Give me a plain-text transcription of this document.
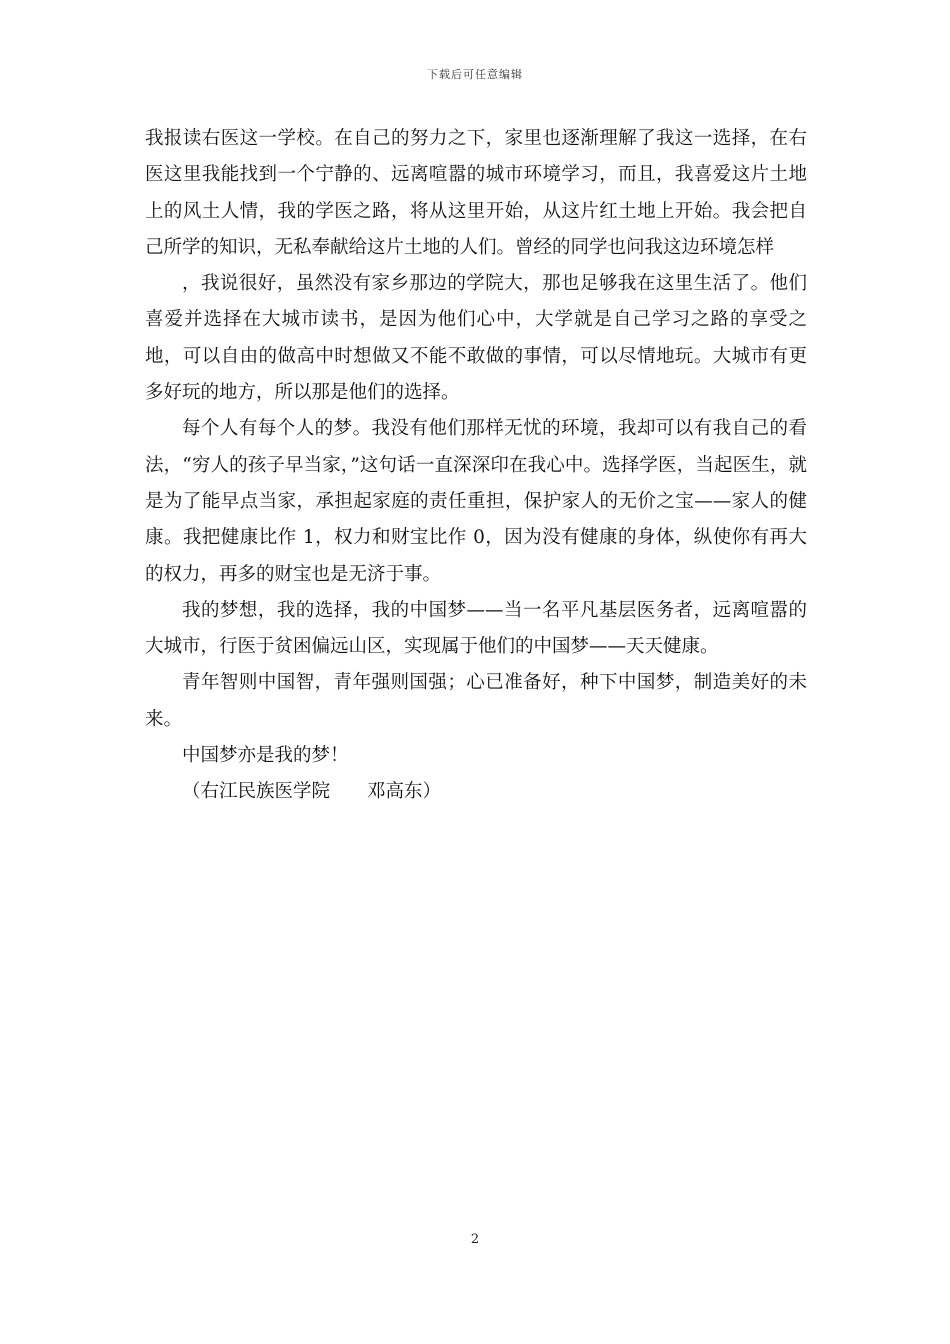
下载后可任意编辑

我报读右医这一学校。在自己的努力之下，家里也逐渐理解了我这一选择，在右医这里我能找到一个宁静的、远离喧嚣的城市环境学习，而且，我喜爱这片土地上的风土人情，我的学医之路，将从这里开始，从这片红土地上开始。我会把自己所学的知识，无私奉献给这片土地的人们。曾经的同学也问我这边环境怎样

，我说很好，虽然没有家乡那边的学院大，那也足够我在这里生活了。他们喜爱并选择在大城市读书，是因为他们心中，大学就是自己学习之路的享受之地，可以自由的做高中时想做又不能不敢做的事情，可以尽情地玩。大城市有更多好玩的地方，所以那是他们的选择。

每个人有每个人的梦。我没有他们那样无忧的环境，我却可以有我自己的看法，“穷人的孩子早当家，”这句话一直深深印在我心中。选择学医，当起医生，就是为了能早点当家，承担起家庭的责任重担，保护家人的无价之宝——家人的健康。我把健康比作 1，权力和财宝比作 0，因为没有健康的身体，纵使你有再大的权力，再多的财宝也是无济于事。

我的梦想，我的选择，我的中国梦——当一名平凡基层医务者，远离喧嚣的大城市，行医于贫困偏远山区，实现属于他们的中国梦——天天健康。

青年智则中国智，青年强则国强；心已准备好，种下中国梦，制造美好的未来。

中国梦亦是我的梦！

（右江民族医学院　　邓高东）

2
